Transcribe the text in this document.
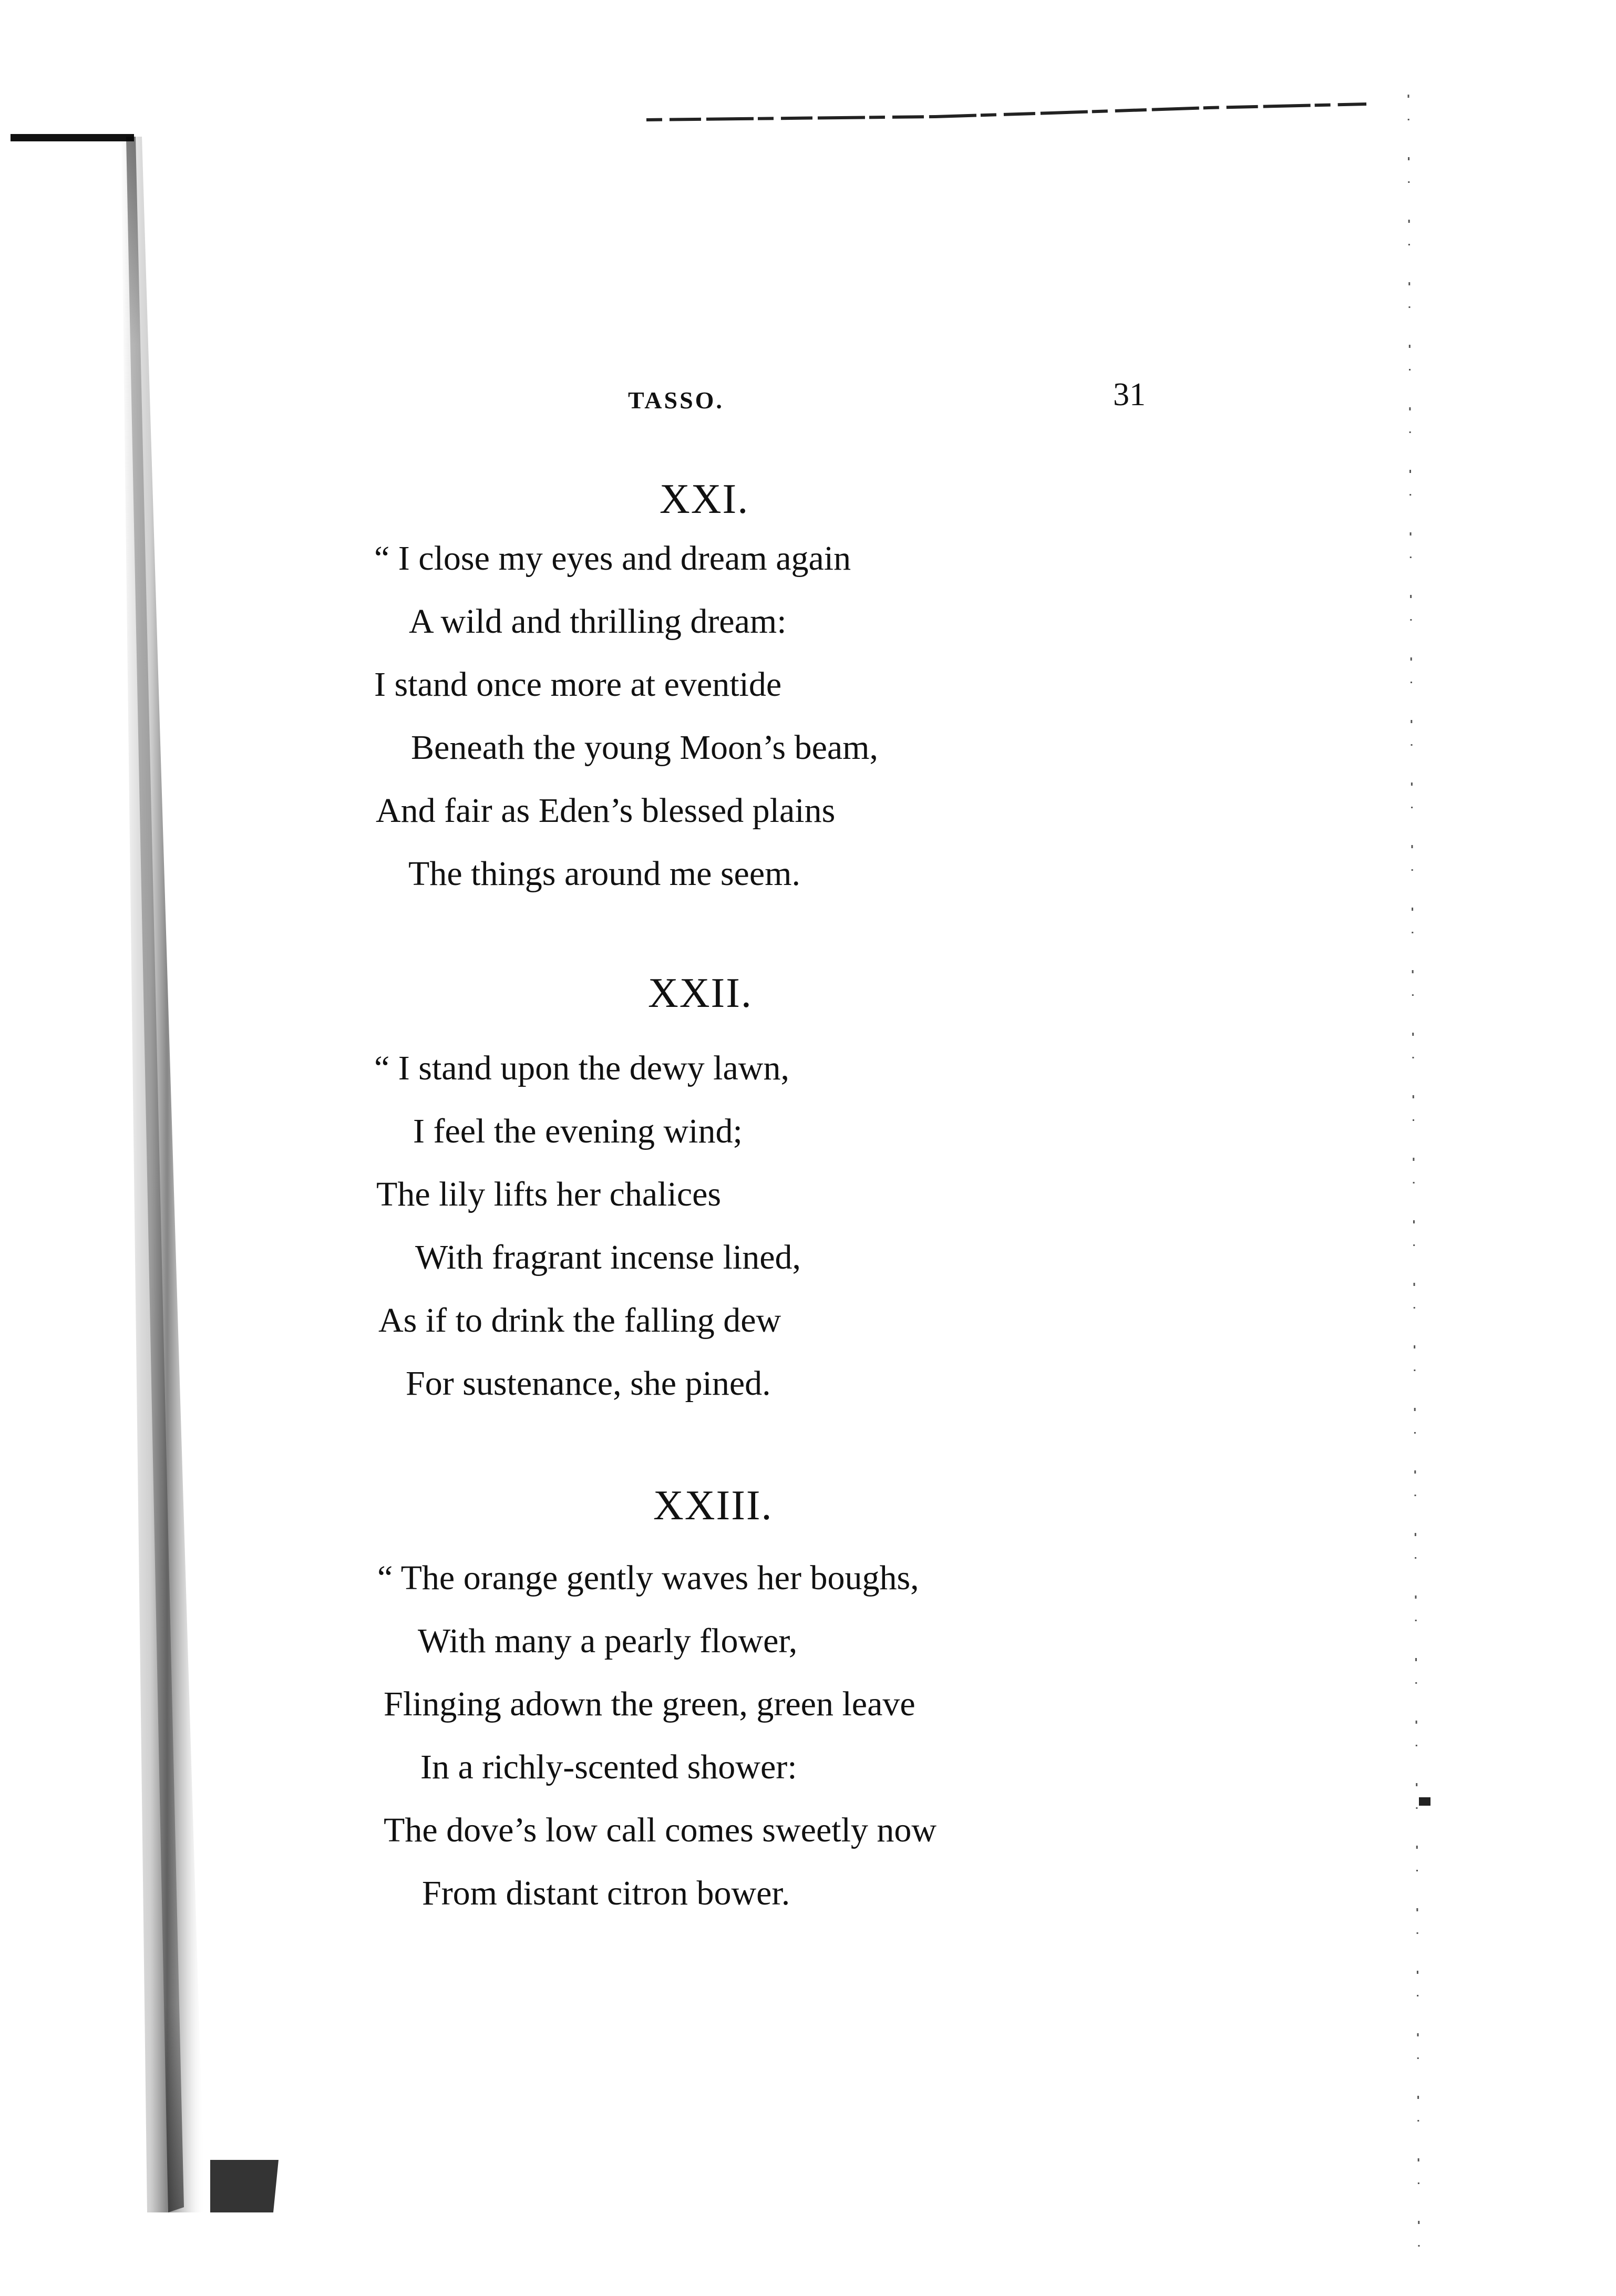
TASSO.	31
XXI.
“ I close my eyes and dream again
A wild and thrilling dream:
I stand once more at eventide
Beneath the young Moon’s beam,
And fair as Eden’s blessed plains
The things around me seem.
XXII.
“ I stand upon the dewy lawn,
I feel the evening wind;
The lily lifts her chalices
With fragrant incense lined,
As if to drink the falling dew
For sustenance, she pined.
XXIII.
“ The orange gently waves her boughs,
With many a pearly flower,
Flinging adown the green, green leave
In a richly-scented shower:
The dove’s low call comes sweetly now
From distant citron bower.
